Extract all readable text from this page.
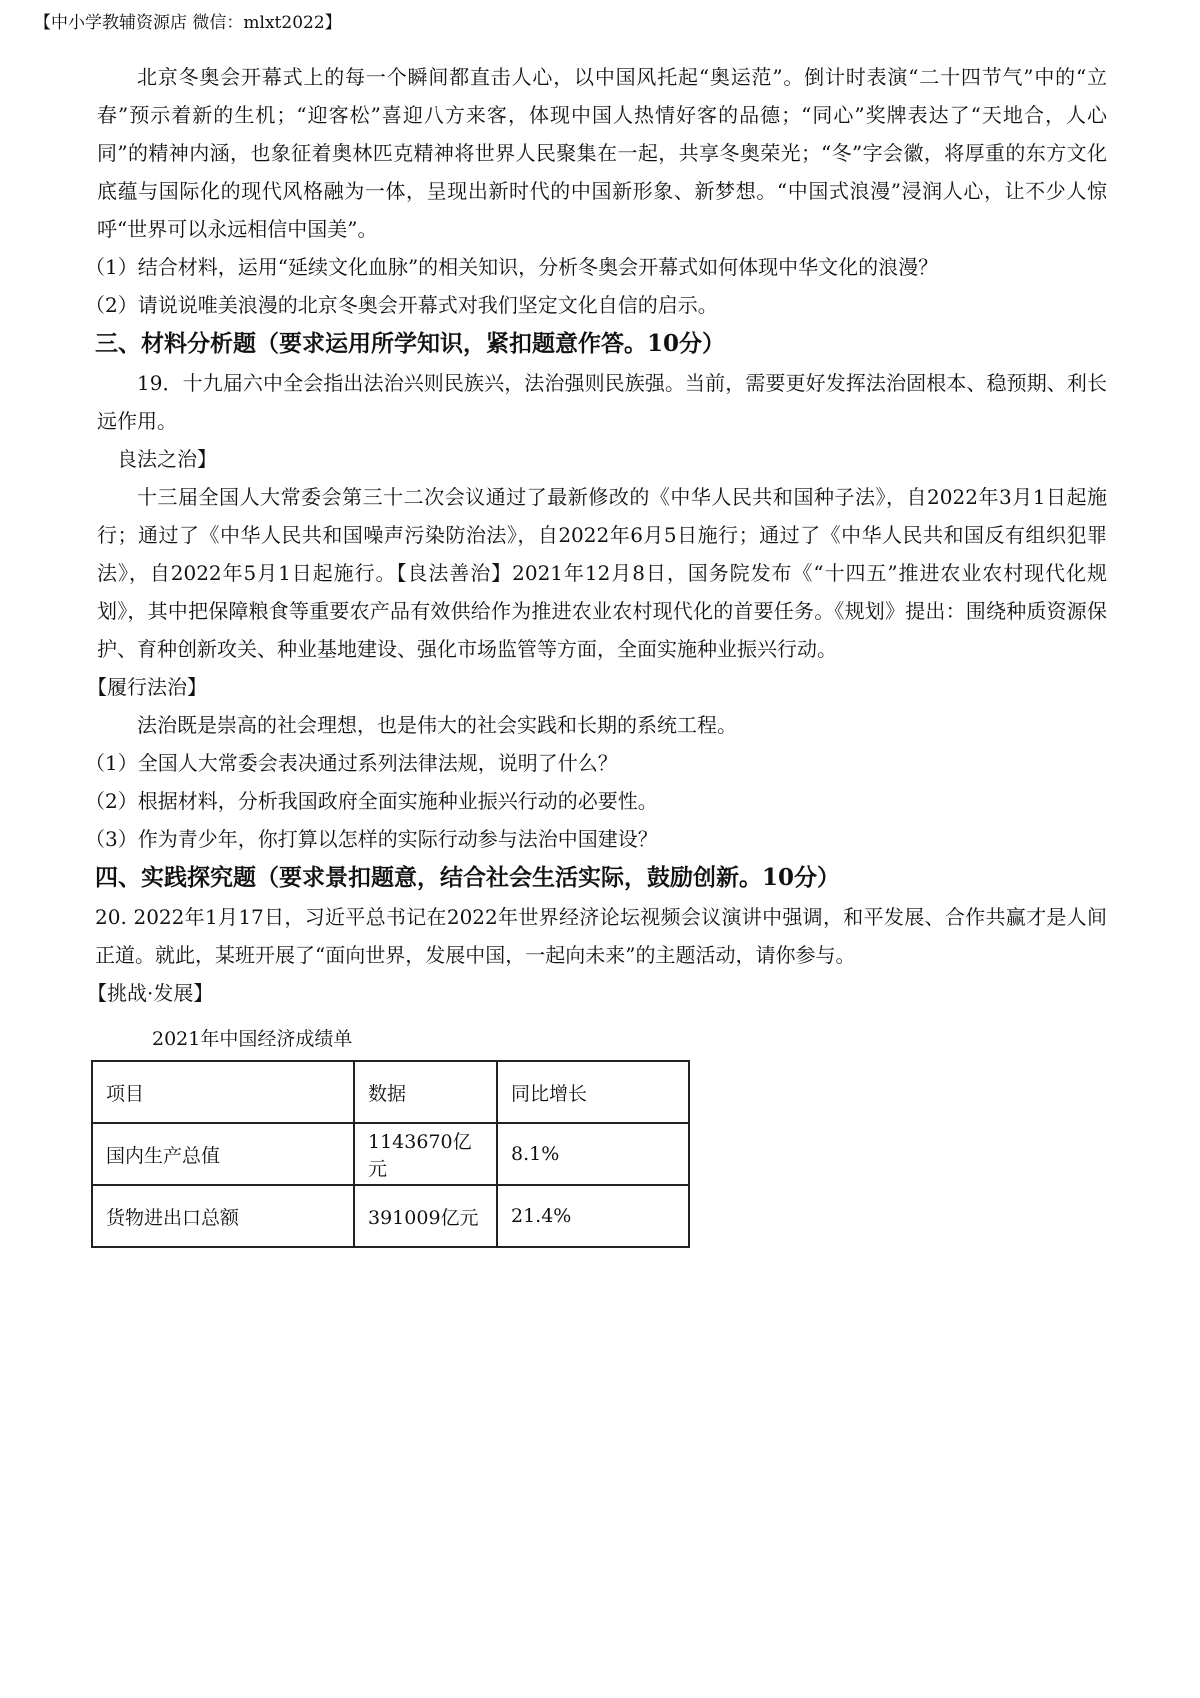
【中小学教辅资源店 微信：mlxt2022】

北京冬奥会开幕式上的每一个瞬间都直击人心，以中国风托起“奥运范”。倒计时表演“二十四节气”中的“立春”预示着新的生机；“迎客松”喜迎八方来客，体现中国人热情好客的品德；“同心”奖牌表达了“天地合，人心同”的精神内涵，也象征着奥林匹克精神将世界人民聚集在一起，共享冬奥荣光；“冬”字会徽，将厚重的东方文化底蕴与国际化的现代风格融为一体，呈现出新时代的中国新形象、新梦想。“中国式浪漫”浸润人心，让不少人惊呼“世界可以永远相信中国美”。

（1）结合材料，运用“延续文化血脉”的相关知识，分析冬奥会开幕式如何体现中华文化的浪漫？

（2）请说说唯美浪漫的北京冬奥会开幕式对我们坚定文化自信的启示。

三、材料分析题（要求运用所学知识，紧扣题意作答。10分）

19．十九届六中全会指出法治兴则民族兴，法治强则民族强。当前，需要更好发挥法治固根本、稳预期、利长远作用。

良法之治】

十三届全国人大常委会第三十二次会议通过了最新修改的《中华人民共和国种子法》，自2022年3月1日起施行；通过了《中华人民共和国噪声污染防治法》，自2022年6月5日施行；通过了《中华人民共和国反有组织犯罪法》，自2022年5月1日起施行。【良法善治】2021年12月8日，国务院发布《“十四五”推进农业农村现代化规划》，其中把保障粮食等重要农产品有效供给作为推进农业农村现代化的首要任务。《规划》提出：围绕种质资源保护、育种创新攻关、种业基地建设、强化市场监管等方面，全面实施种业振兴行动。

【履行法治】

法治既是崇高的社会理想，也是伟大的社会实践和长期的系统工程。

（1）全国人大常委会表决通过系列法律法规，说明了什么？

（2）根据材料，分析我国政府全面实施种业振兴行动的必要性。

（3）作为青少年，你打算以怎样的实际行动参与法治中国建设？

四、实践探究题（要求景扣题意，结合社会生活实际，鼓励创新。10分）

20. 2022年1月17日，习近平总书记在2022年世界经济论坛视频会议演讲中强调，和平发展、合作共赢才是人间正道。就此，某班开展了“面向世界，发展中国，一起向未来”的主题活动，请你参与。

【挑战·发展】

2021年中国经济成绩单

项目	数据	同比增长
国内生产总值	1143670亿元	8.1%
货物进出口总额	391009亿元	21.4%
